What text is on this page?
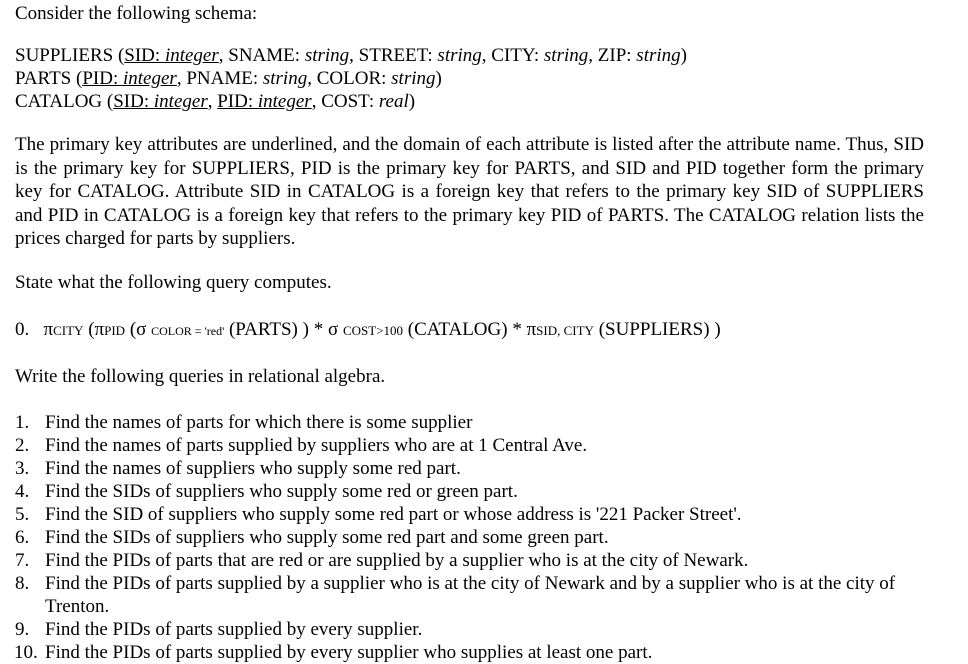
Consider the following schema:
SUPPLIERS (SID: integer, SNAME: string, STREET: string, CITY: string, ZIP: string)
PARTS (PID: integer, PNAME: string, COLOR: string)
CATALOG (SID: integer, PID: integer, COST: real)
The primary key attributes are underlined, and the domain of each attribute is listed after the attribute name. Thus, SID is the primary key for SUPPLIERS, PID is the primary key for PARTS, and SID and PID together form the primary key for CATALOG. Attribute SID in CATALOG is a foreign key that refers to the primary key SID of SUPPLIERS and PID in CATALOG is a foreign key that refers to the primary key PID of PARTS. The CATALOG relation lists the prices charged for parts by suppliers.
State what the following query computes.
0. πCITY (πPID (σ COLOR = 'red' (PARTS) ) * σ COST>100 (CATALOG) * πSID, CITY (SUPPLIERS) )
Write the following queries in relational algebra.
1. Find the names of parts for which there is some supplier
2. Find the names of parts supplied by suppliers who are at 1 Central Ave.
3. Find the names of suppliers who supply some red part.
4. Find the SIDs of suppliers who supply some red or green part.
5. Find the SID of suppliers who supply some red part or whose address is '221 Packer Street'.
6. Find the SIDs of suppliers who supply some red part and some green part.
7. Find the PIDs of parts that are red or are supplied by a supplier who is at the city of Newark.
8. Find the PIDs of parts supplied by a supplier who is at the city of Newark and by a supplier who is at the city of Trenton.
9. Find the PIDs of parts supplied by every supplier.
10. Find the PIDs of parts supplied by every supplier who supplies at least one part.
